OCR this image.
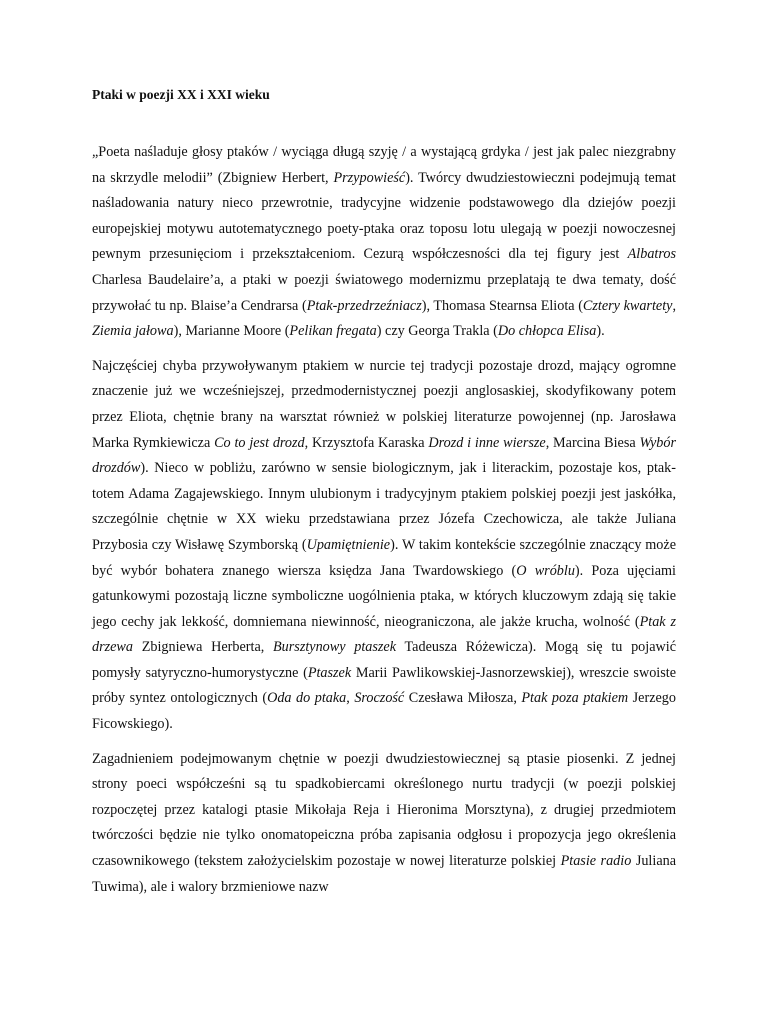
Ptaki w poezji XX i XXI wieku

„Poeta naśladuje głosy ptaków / wyciąga długą szyję / a wystającą grdyka / jest jak palec niezgrabny na skrzydle melodii” (Zbigniew Herbert, Przypowieść). Twórcy dwudziestowieczni podejmują temat naśladowania natury nieco przewrotnie, tradycyjne widzenie podstawowego dla dziejów poezji europejskiej motywu autotematycznego poety-ptaka oraz toposu lotu ulegają w poezji nowoczesnej pewnym przesunięciom i przekształceniom. Cezurą współczesności dla tej figury jest Albatros Charlesa Baudelaire’a, a ptaki w poezji światowego modernizmu przeplatają te dwa tematy, dość przywołać tu np. Blaise’a Cendrarsa (Ptak-przedrzeźniacz), Thomasa Stearnsa Eliota (Cztery kwartety, Ziemia jałowa), Marianne Moore (Pelikan fregata) czy Georga Trakla (Do chłopca Elisa).

Najczęściej chyba przywoływanym ptakiem w nurcie tej tradycji pozostaje drozd, mający ogromne znaczenie już we wcześniejszej, przedmodernistycznej poezji anglosaskiej, skodyfikowany potem przez Eliota, chętnie brany na warsztat również w polskiej literaturze powojennej (np. Jarosława Marka Rymkiewicza Co to jest drozd, Krzysztofa Karaska Drozd i inne wiersze, Marcina Biesa Wybór drozdów). Nieco w pobliżu, zarówno w sensie biologicznym, jak i literackim, pozostaje kos, ptak-totem Adama Zagajewskiego. Innym ulubionym i tradycyjnym ptakiem polskiej poezji jest jaskółka, szczególnie chętnie w XX wieku przedstawiana przez Józefa Czechowicza, ale także Juliana Przybosia czy Wisławę Szymborską (Upamiętnienie). W takim kontekście szczególnie znaczący może być wybór bohatera znanego wiersza księdza Jana Twardowskiego (O wróblu). Poza ujęciami gatunkowymi pozostają liczne symboliczne uogólnienia ptaka, w których kluczowym zdają się takie jego cechy jak lekkość, domniemana niewinność, nieograniczona, ale jakże krucha, wolność (Ptak z drzewa Zbigniewa Herberta, Bursztynowy ptaszek Tadeusza Różewicza). Mogą się tu pojawić pomysły satyryczno-humorystyczne (Ptaszek Marii Pawlikowskiej-Jasnorzewskiej), wreszcie swoiste próby syntez ontologicznych (Oda do ptaka, Sroczość Czesława Miłosza, Ptak poza ptakiem Jerzego Ficowskiego).

Zagadnieniem podejmowanym chętnie w poezji dwudziestowiecznej są ptasie piosenki. Z jednej strony poeci współcześni są tu spadkobiercami określonego nurtu tradycji (w poezji polskiej rozpoczętej przez katalogi ptasie Mikołaja Reja i Hieronima Morsztyna), z drugiej przedmiotem twórczości będzie nie tylko onomatopeiczna próba zapisania odgłosu i propozycja jego określenia czasownikowego (tekstem założycielskim pozostaje w nowej literaturze polskiej Ptasie radio Juliana Tuwima), ale i walory brzmieniowe nazw
